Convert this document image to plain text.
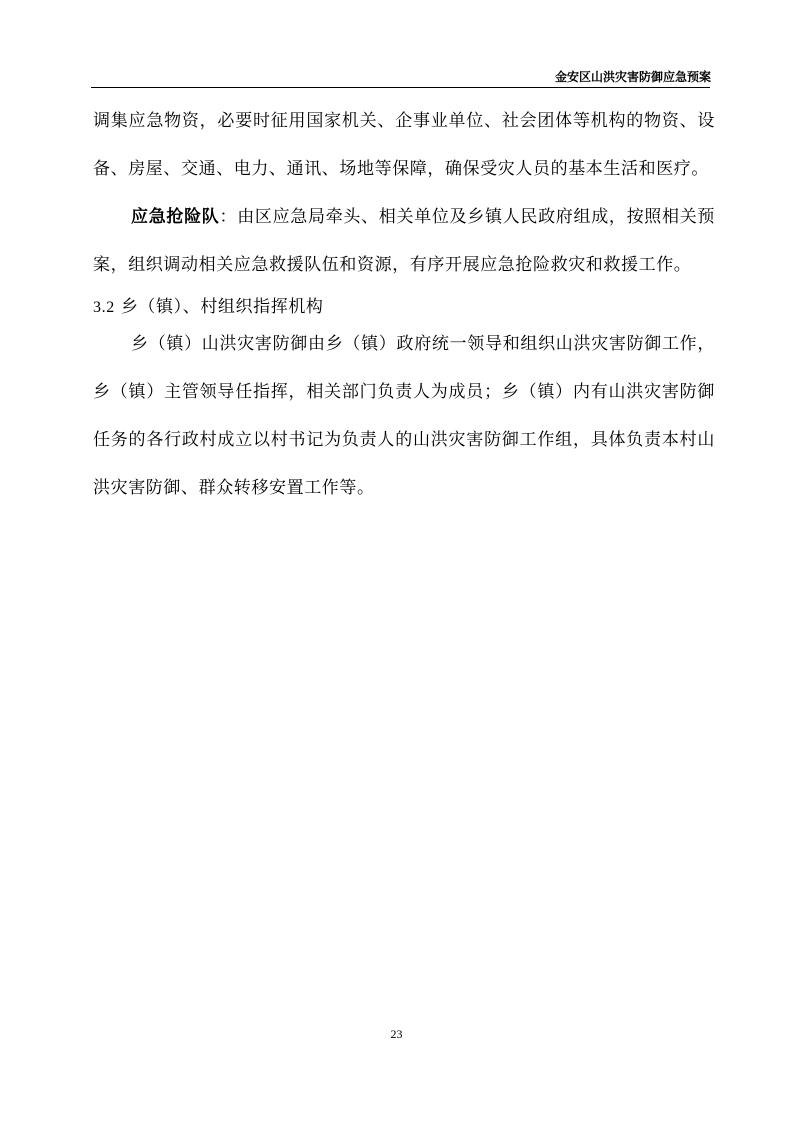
金安区山洪灾害防御应急预案

调集应急物资，必要时征用国家机关、企事业单位、社会团体等机构的物资、设备、房屋、交通、电力、通讯、场地等保障，确保受灾人员的基本生活和医疗。

应急抢险队：由区应急局牵头、相关单位及乡镇人民政府组成，按照相关预案，组织调动相关应急救援队伍和资源，有序开展应急抢险救灾和救援工作。

3.2 乡（镇）、村组织指挥机构

乡（镇）山洪灾害防御由乡（镇）政府统一领导和组织山洪灾害防御工作，乡（镇）主管领导任指挥，相关部门负责人为成员；乡（镇）内有山洪灾害防御任务的各行政村成立以村书记为负责人的山洪灾害防御工作组，具体负责本村山洪灾害防御、群众转移安置工作等。

23
